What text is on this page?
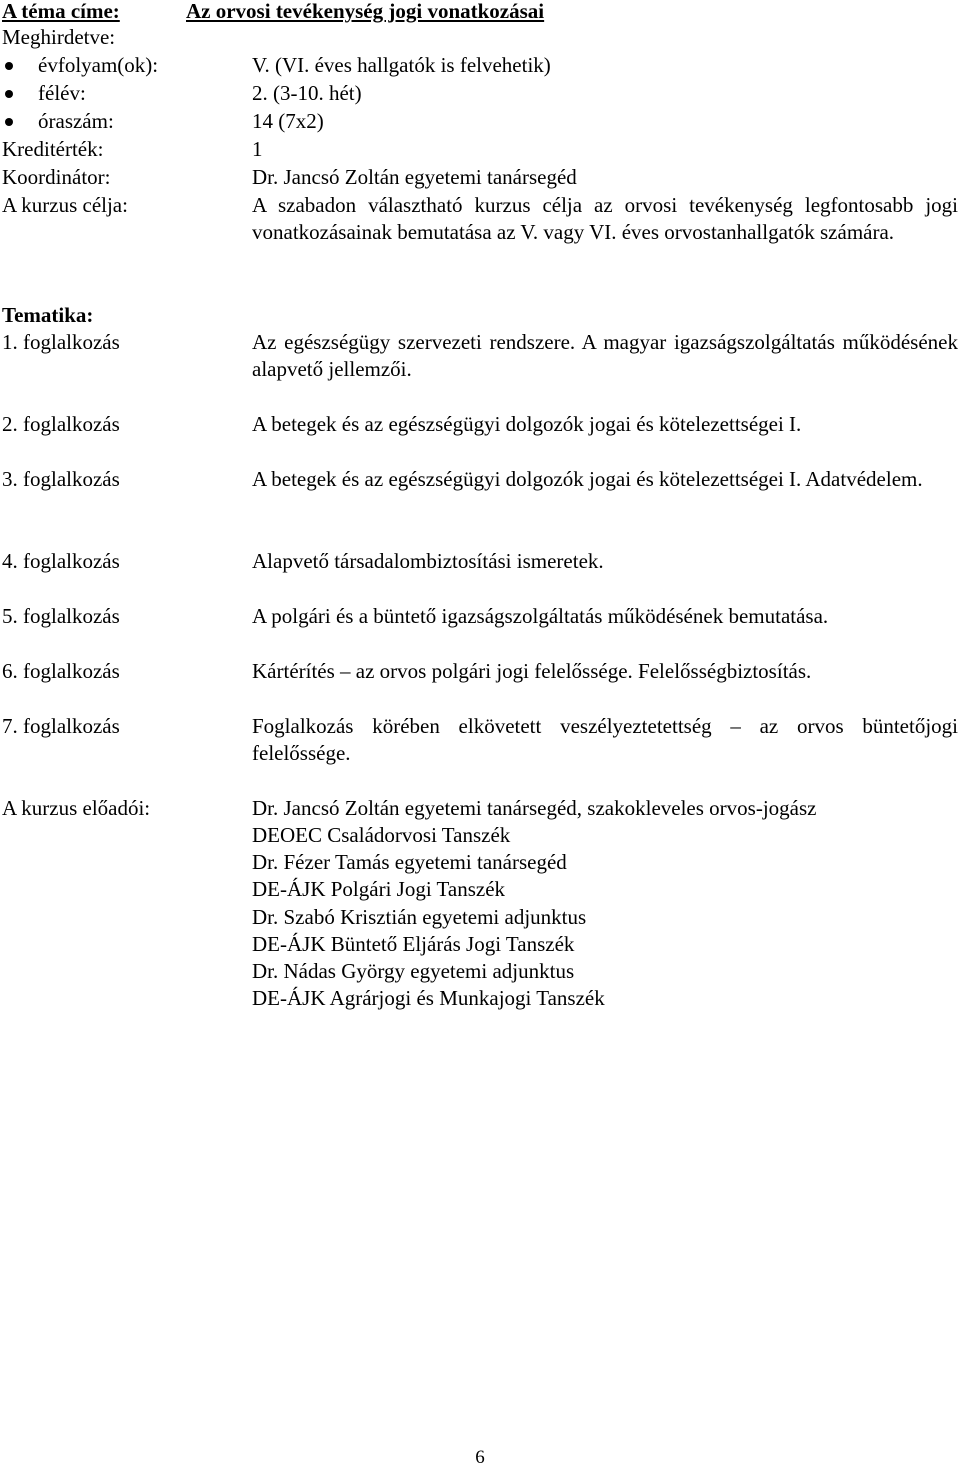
A téma címe:	Az orvosi tevékenység jogi vonatkozásai
Meghirdetve:
évfolyam(ok):	V. (VI. éves hallgatók is felvehetik)
félév:	2. (3-10. hét)
óraszám:	14 (7x2)
Kreditérték:	1
Koordinátor:	Dr. Jancsó Zoltán egyetemi tanársegéd
A kurzus célja:	A szabadon választható kurzus célja az orvosi tevékenység legfontosabb jogi vonatkozásainak bemutatása az V. vagy VI. éves orvostanhallgatók számára.
Tematika:
1. foglalkozás	Az egészségügy szervezeti rendszere. A magyar igazságszolgáltatás működésének alapvető jellemzői.
2. foglalkozás	A betegek és az egészségügyi dolgozók jogai és kötelezettségei I.
3. foglalkozás	A betegek és az egészségügyi dolgozók jogai és kötelezettségei I. Adatvédelem.
4. foglalkozás	Alapvető társadalombiztosítási ismeretek.
5. foglalkozás	A polgári és a büntető igazságszolgáltatás működésének bemutatása.
6. foglalkozás	Kártérítés – az orvos polgári jogi felelőssége. Felelősségbiztosítás.
7. foglalkozás	Foglalkozás körében elkövetett veszélyeztetettség – az orvos büntetőjogi felelőssége.
A kurzus előadói:	Dr. Jancsó Zoltán egyetemi tanársegéd, szakokleveles orvos-jogász
DEOEC Családorvosi Tanszék
Dr. Fézer Tamás egyetemi tanársegéd
DE-ÁJK Polgári Jogi Tanszék
Dr. Szabó Krisztián egyetemi adjunktus
DE-ÁJK Büntető Eljárás Jogi Tanszék
Dr. Nádas György egyetemi adjunktus
DE-ÁJK Agrárjogi és Munkajogi Tanszék
6
